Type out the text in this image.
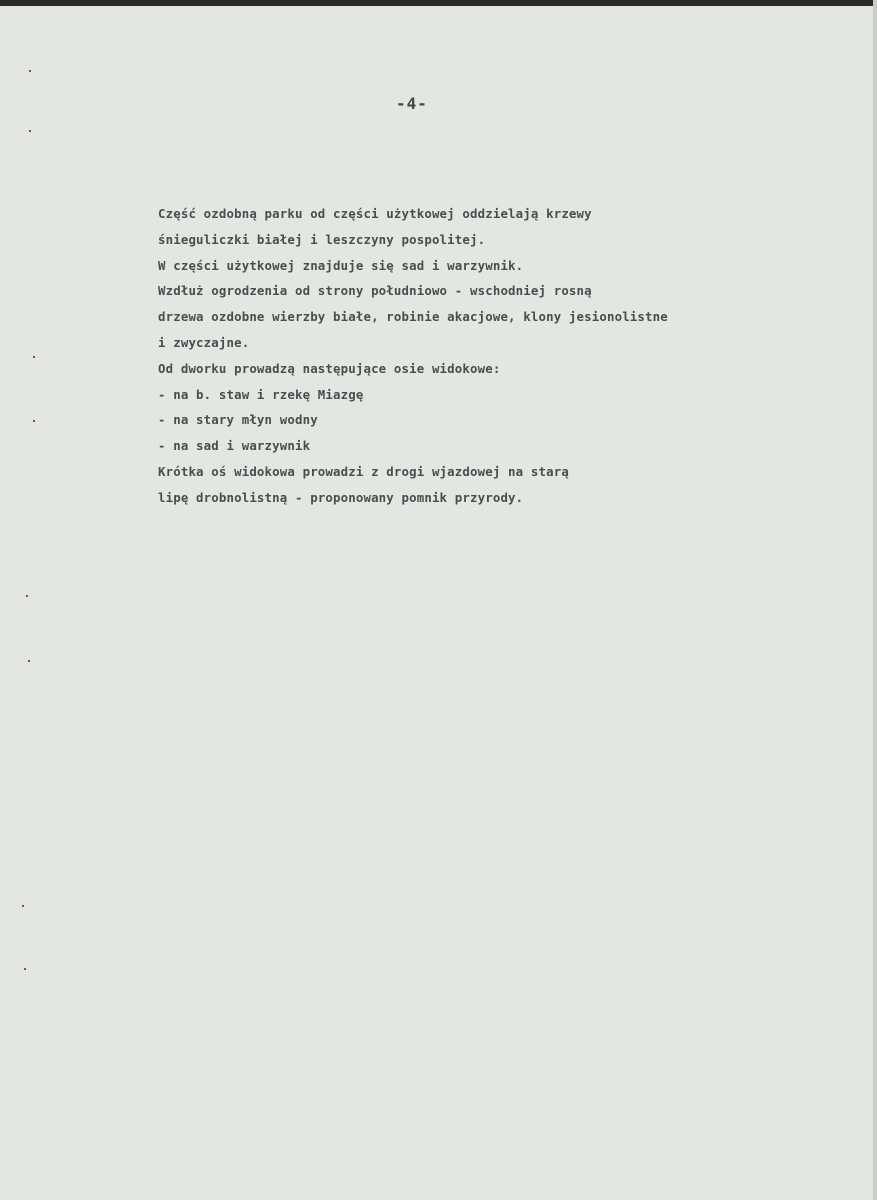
-4-
Część ozdobną parku od części użytkowej oddzielają krzewy
śnieguliczki białej i leszczyny pospolitej.
W części użytkowej znajduje się sad i warzywnik.
Wzdłuż ogrodzenia od strony południowo - wschodniej rosną
drzewa ozdobne wierzby białe, robinie akacjowe, klony jesionolistne
i zwyczajne.
Od dworku prowadzą następujące osie widokowe:
- na b. staw i rzekę Miazgę
- na stary młyn wodny
- na sad i warzywnik
Krótka oś widokowa prowadzi z drogi wjazdowej na starą
lipę drobnolistną - proponowany pomnik przyrody.
